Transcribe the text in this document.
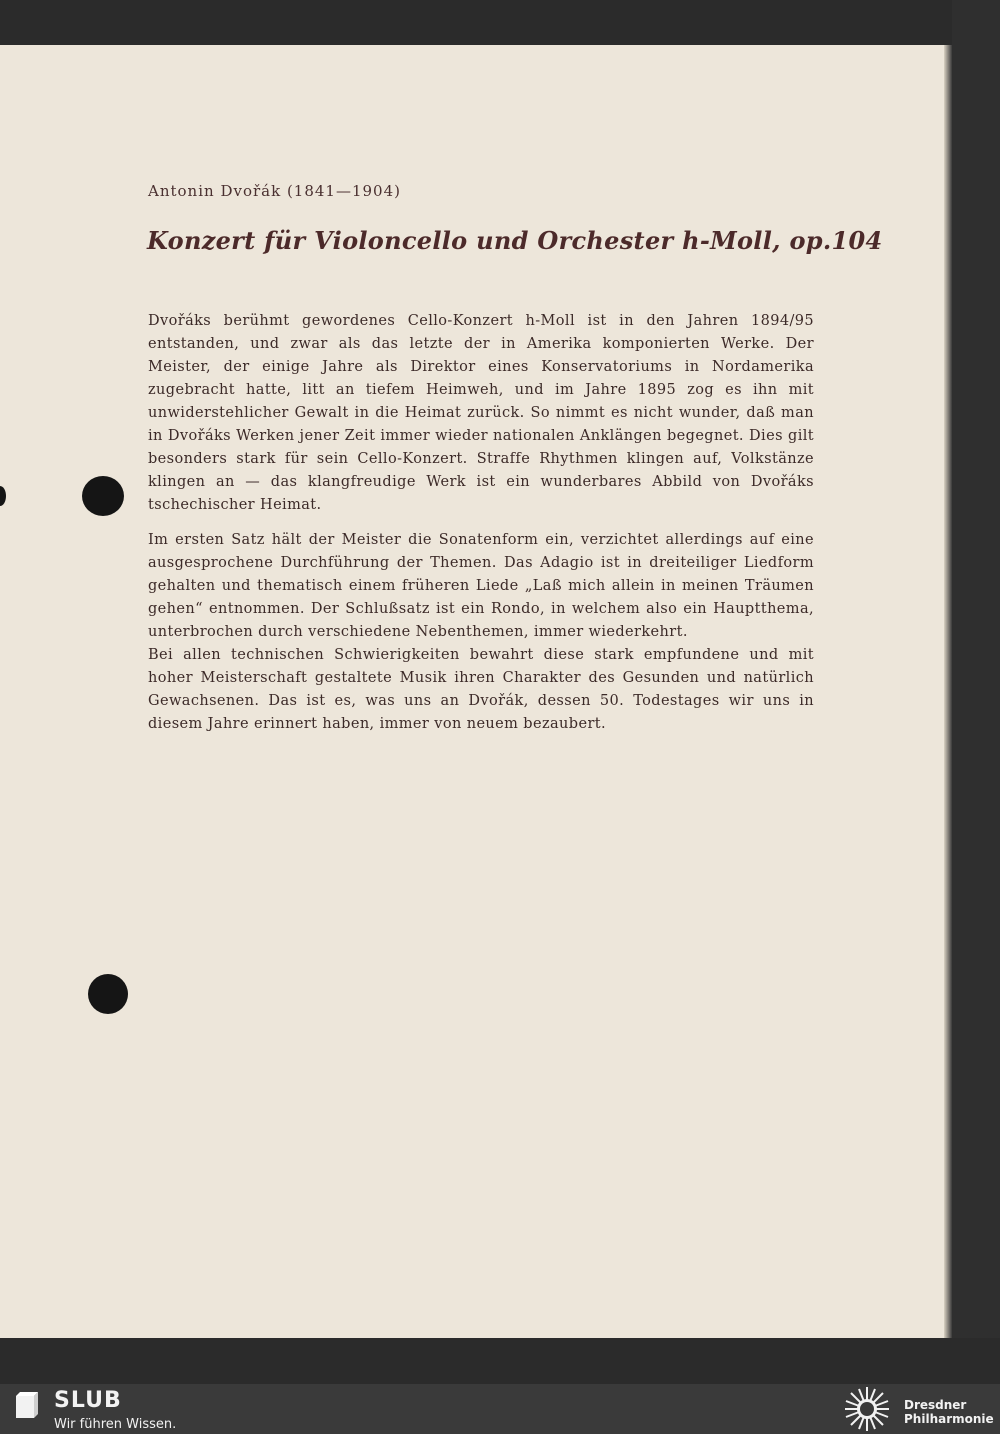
Antonin Dvořák (1841—1904)
Konzert für Violoncello und Orchester h-Moll, op.104

Dvořáks berühmt gewordenes Cello-Konzert h-Moll ist in den Jahren 1894/95 entstanden, und zwar als das letzte der in Amerika komponierten Werke. Der Meister, der einige Jahre als Direktor eines Konservatoriums in Nordamerika zugebracht hatte, litt an tiefem Heimweh, und im Jahre 1895 zog es ihn mit unwiderstehlicher Gewalt in die Heimat zurück. So nimmt es nicht wunder, daß man in Dvořáks Werken jener Zeit immer wieder nationalen Anklängen begegnet. Dies gilt besonders stark für sein Cello-Konzert. Straffe Rhythmen klingen auf, Volkstänze klingen an — das klangfreudige Werk ist ein wunderbares Abbild von Dvořáks tschechischer Heimat.

Im ersten Satz hält der Meister die Sonatenform ein, verzichtet allerdings auf eine ausgesprochene Durchführung der Themen. Das Adagio ist in dreiteiliger Liedform gehalten und thematisch einem früheren Liede „Laß mich allein in meinen Träumen gehen“ entnommen. Der Schlußsatz ist ein Rondo, in welchem also ein Hauptthema, unterbrochen durch verschiedene Nebenthemen, immer wiederkehrt.

Bei allen technischen Schwierigkeiten bewahrt diese stark empfundene und mit hoher Meisterschaft gestaltete Musik ihren Charakter des Gesunden und natürlich Gewachsenen. Das ist es, was uns an Dvořák, dessen 50. Todestages wir uns in diesem Jahre erinnert haben, immer von neuem bezaubert.

SLUB
Wir führen Wissen.
Dresdner
Philharmonie
